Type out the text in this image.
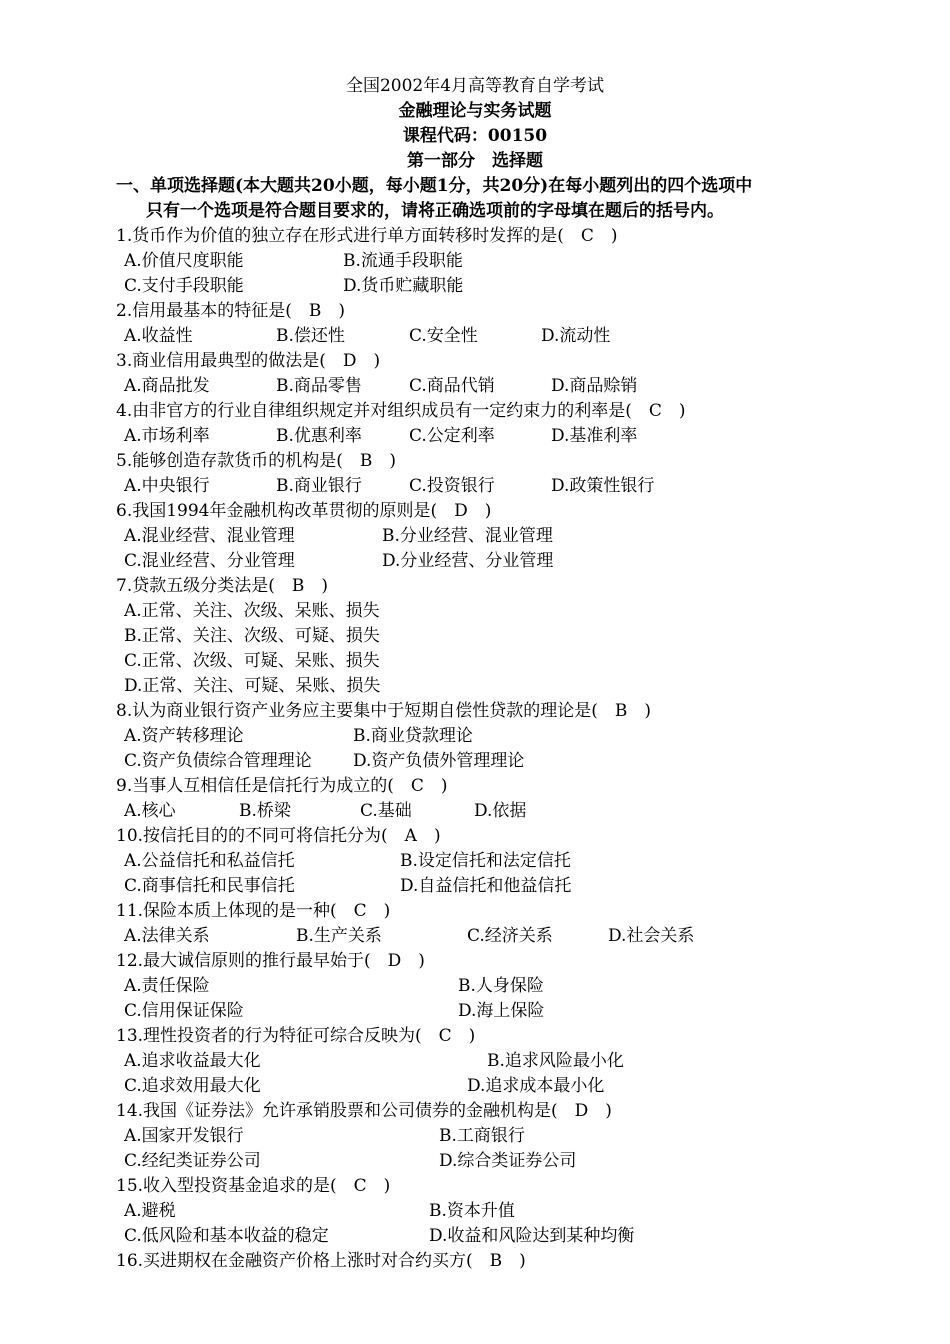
全国2002年4月高等教育自学考试
金融理论与实务试题
课程代码：00150
第一部分　选择题
一、单项选择题(本大题共20小题，每小题1分，共20分)在每小题列出的四个选项中
只有一个选项是符合题目要求的，请将正确选项前的字母填在题后的括号内。
1.货币作为价值的独立存在形式进行单方面转移时发挥的是(　C　)
A.价值尺度职能	B.流通手段职能
C.支付手段职能	D.货币贮藏职能
2.信用最基本的特征是(　B　)
A.收益性	B.偿还性	C.安全性	D.流动性
3.商业信用最典型的做法是(　D　)
A.商品批发	B.商品零售	C.商品代销	D.商品赊销
4.由非官方的行业自律组织规定并对组织成员有一定约束力的利率是(　C　)
A.市场利率	B.优惠利率	C.公定利率	D.基准利率
5.能够创造存款货币的机构是(　B　)
A.中央银行	B.商业银行	C.投资银行	D.政策性银行
6.我国1994年金融机构改革贯彻的原则是(　D　)
A.混业经营、混业管理	B.分业经营、混业管理
C.混业经营、分业管理	D.分业经营、分业管理
7.贷款五级分类法是(　B　)
A.正常、关注、次级、呆账、损失
B.正常、关注、次级、可疑、损失
C.正常、次级、可疑、呆账、损失
D.正常、关注、可疑、呆账、损失
8.认为商业银行资产业务应主要集中于短期自偿性贷款的理论是(　B　)
A.资产转移理论	B.商业贷款理论
C.资产负债综合管理理论 D.资产负债外管理理论
9.当事人互相信任是信托行为成立的(　C　)
A.核心	B.桥梁	C.基础	D.依据
10.按信托目的的不同可将信托分为(　A　)
A.公益信托和私益信托	B.设定信托和法定信托
C.商事信托和民事信托	D.自益信托和他益信托
11.保险本质上体现的是一种(　C　)
A.法律关系	B.生产关系	C.经济关系	D.社会关系
12.最大诚信原则的推行最早始于(　D　)
A.责任保险	B.人身保险
C.信用保证保险	D.海上保险
13.理性投资者的行为特征可综合反映为(　C　)
A.追求收益最大化	B.追求风险最小化
C.追求效用最大化	D.追求成本最小化
14.我国《证券法》允许承销股票和公司债券的金融机构是(　D　)
A.国家开发银行	B.工商银行
C.经纪类证券公司	D.综合类证券公司
15.收入型投资基金追求的是(　C　)
A.避税	B.资本升值
C.低风险和基本收益的稳定	D.收益和风险达到某种均衡
16.买进期权在金融资产价格上涨时对合约买方(　B　)
